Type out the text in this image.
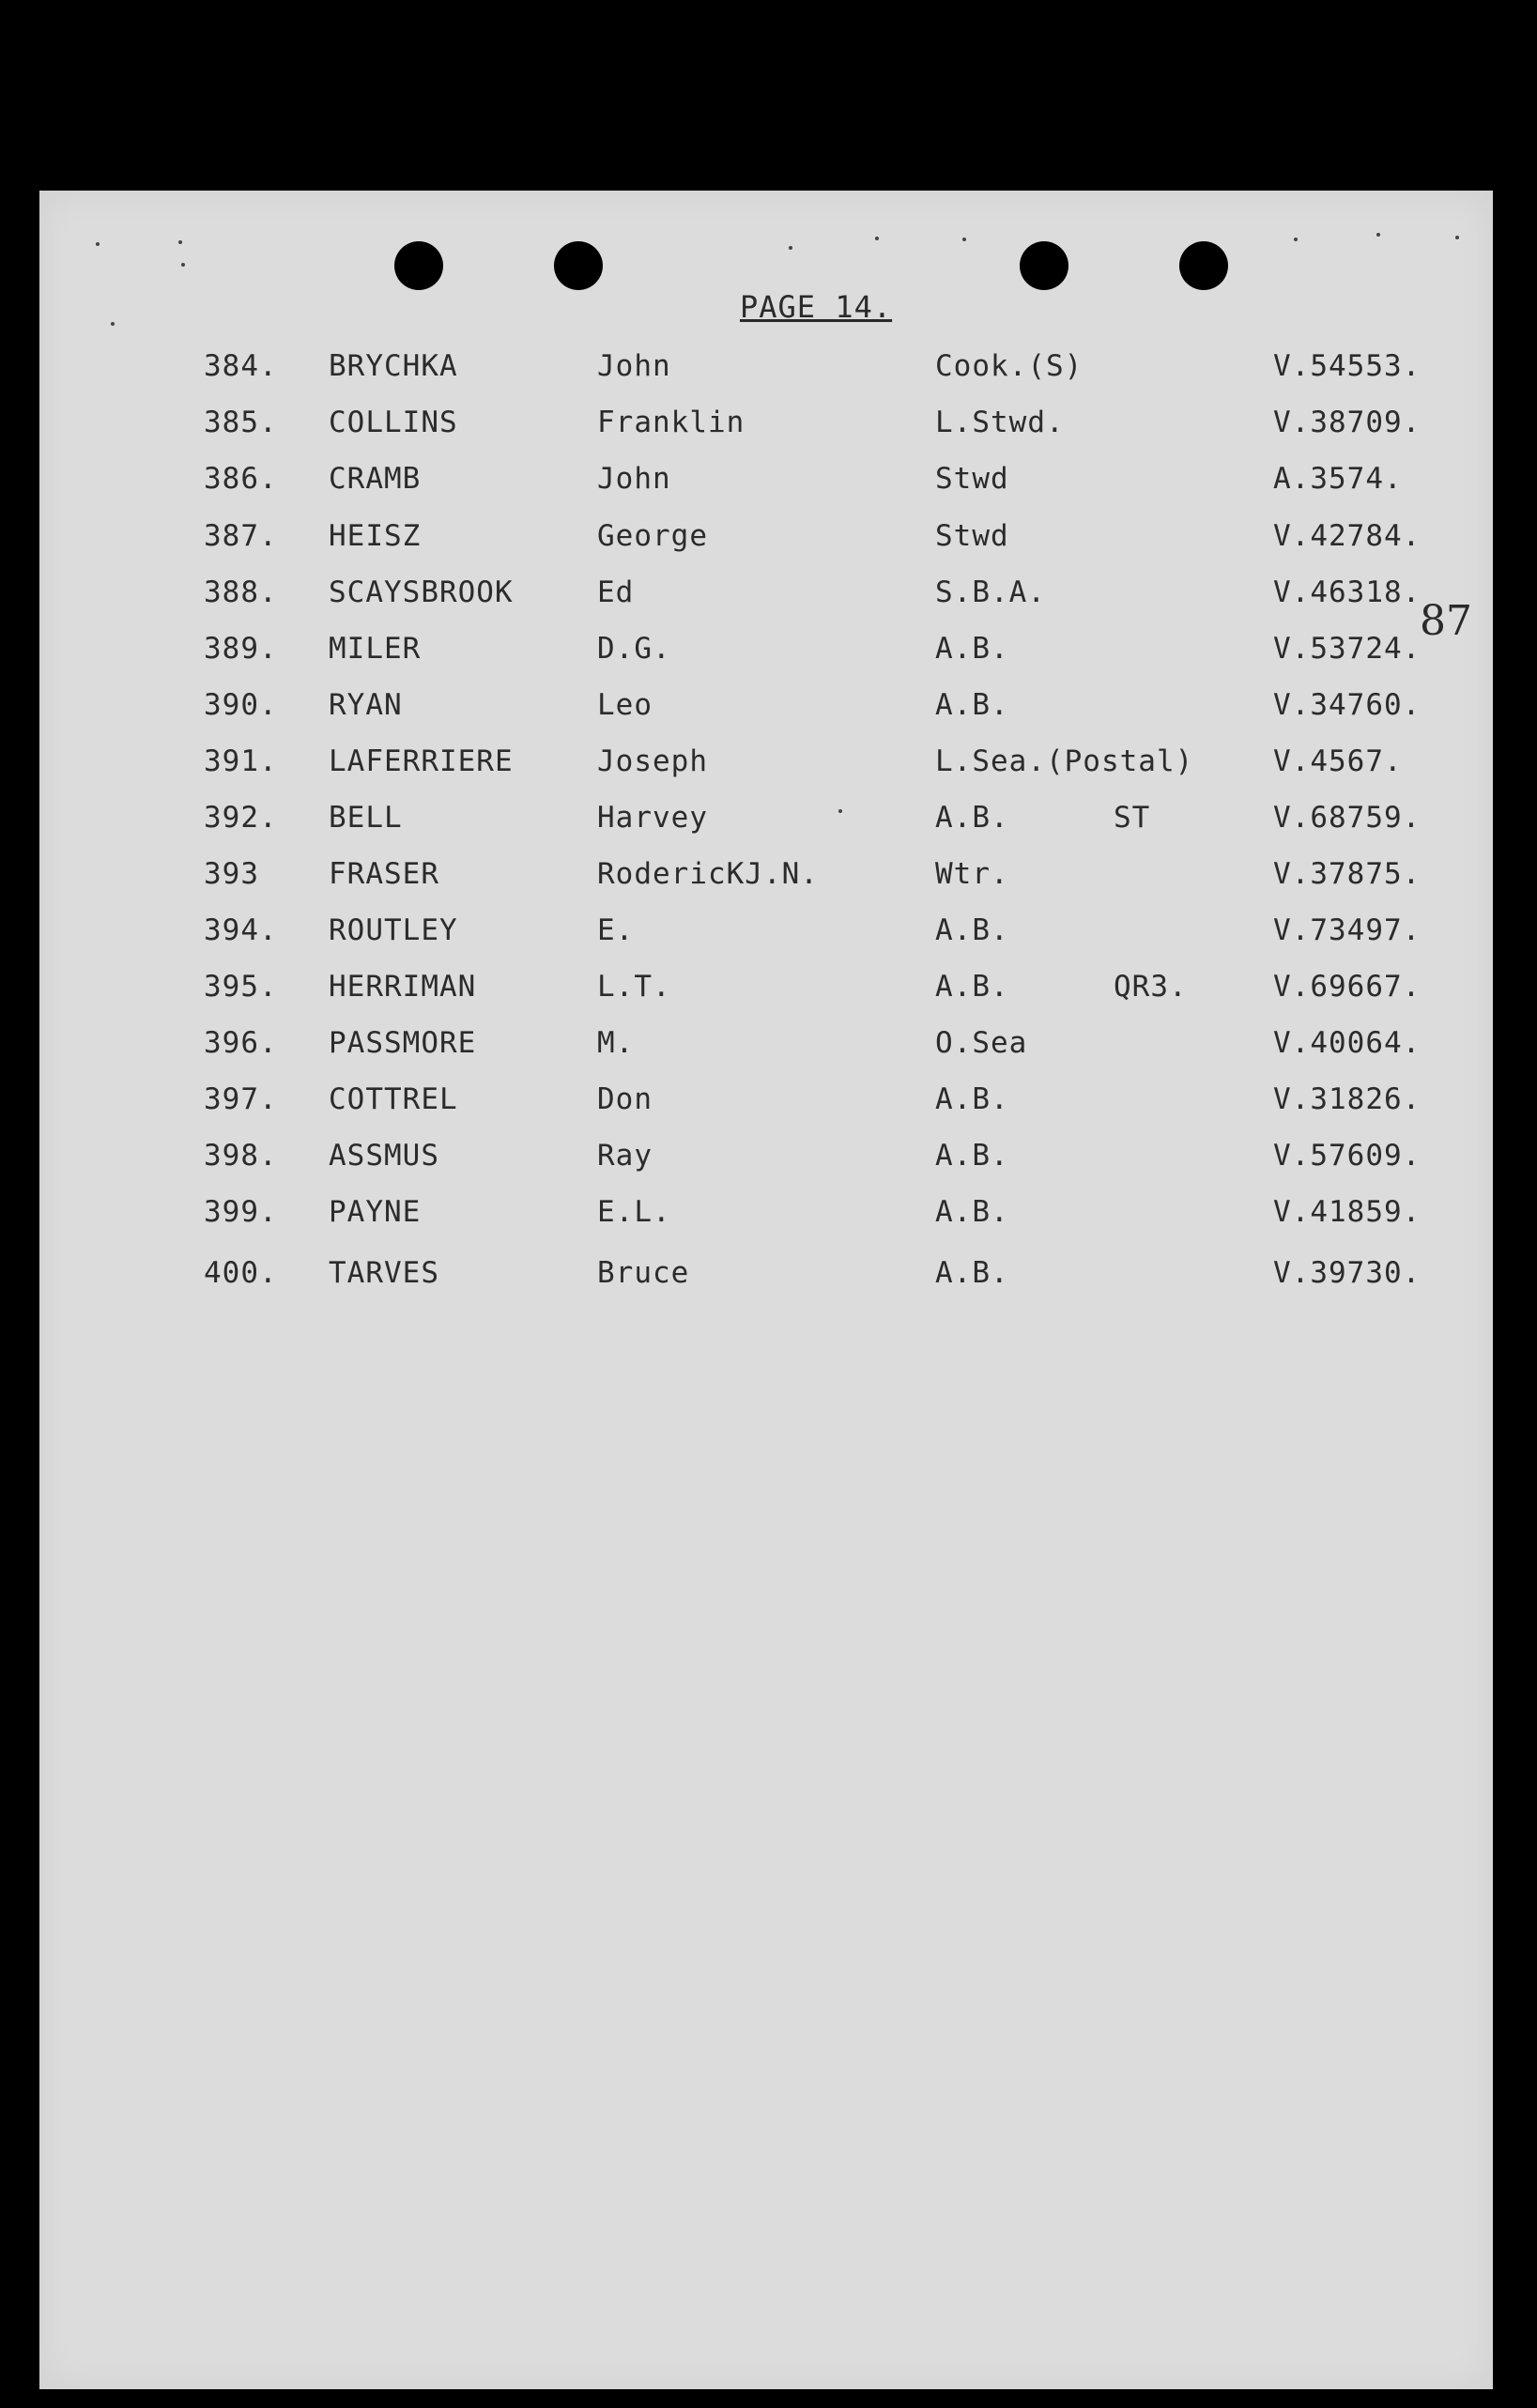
PAGE 14.
87
384. BRYCHKA	John	Cook.(S)	V.54553.
385. COLLINS	Franklin	L.Stwd.	V.38709.
386. CRAMB	John	Stwd	A.3574.
387. HEISZ	George	Stwd	V.42784.
388. SCAYSBROOK	Ed	S.B.A.	V.46318.
389. MILER	D.G.	A.B.	V.53724.
390. RYAN	Leo	A.B.	V.34760.
391. LAFERRIERE	Joseph	L.Sea.(Postal)	V.4567.
392. BELL	Harvey	A.B.	ST	V.68759.
393 FRASER	RodericKJ.N.	Wtr.	V.37875.
394. ROUTLEY	E.	A.B.	V.73497.
395. HERRIMAN	L.T.	A.B.	QR3.	V.69667.
396. PASSMORE	M.	O.Sea	V.40064.
397. COTTREL	Don	A.B.	V.31826.
398. ASSMUS	Ray	A.B.	V.57609.
399. PAYNE	E.L.	A.B.	V.41859.
400. TARVES	Bruce	A.B.	V.39730.
